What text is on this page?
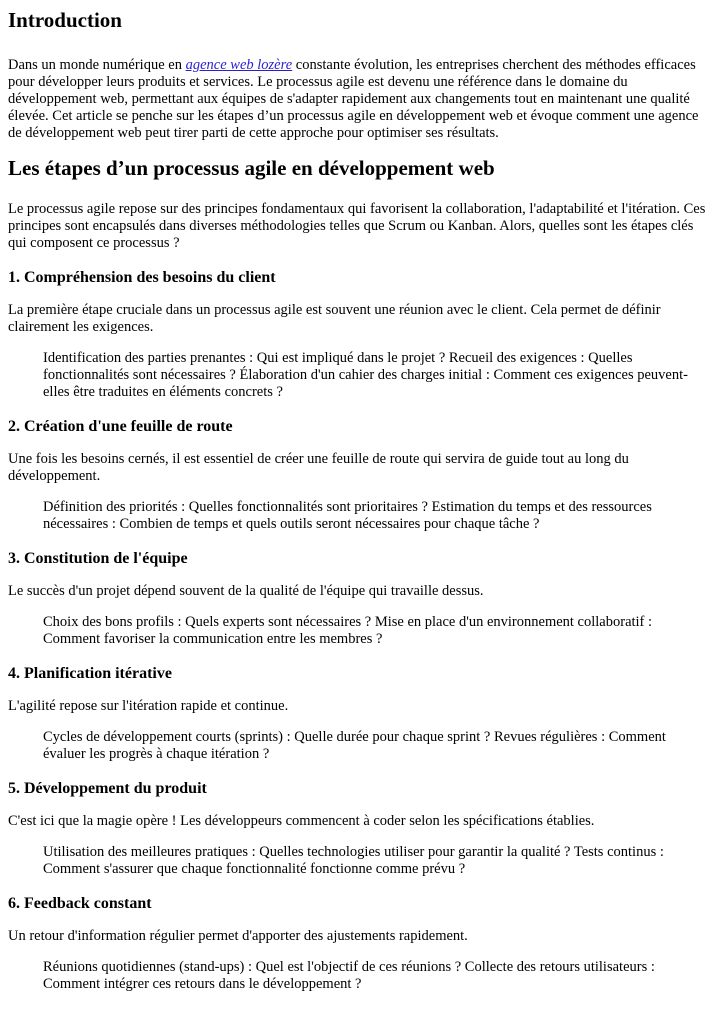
Introduction

Dans un monde numérique en agence web lozère constante évolution, les entreprises cherchent des méthodes efficaces pour développer leurs produits et services. Le processus agile est devenu une référence dans le domaine du développement web, permettant aux équipes de s'adapter rapidement aux changements tout en maintenant une qualité élevée. Cet article se penche sur les étapes d’un processus agile en développement web et évoque comment une agence de développement web peut tirer parti de cette approche pour optimiser ses résultats.

Les étapes d’un processus agile en développement web

Le processus agile repose sur des principes fondamentaux qui favorisent la collaboration, l'adaptabilité et l'itération. Ces principes sont encapsulés dans diverses méthodologies telles que Scrum ou Kanban. Alors, quelles sont les étapes clés qui composent ce processus ?

1. Compréhension des besoins du client

La première étape cruciale dans un processus agile est souvent une réunion avec le client. Cela permet de définir clairement les exigences.

Identification des parties prenantes : Qui est impliqué dans le projet ? Recueil des exigences : Quelles fonctionnalités sont nécessaires ? Élaboration d'un cahier des charges initial : Comment ces exigences peuvent-elles être traduites en éléments concrets ?
2. Création d'une feuille de route

Une fois les besoins cernés, il est essentiel de créer une feuille de route qui servira de guide tout au long du développement.

Définition des priorités : Quelles fonctionnalités sont prioritaires ? Estimation du temps et des ressources nécessaires : Combien de temps et quels outils seront nécessaires pour chaque tâche ?
3. Constitution de l'équipe

Le succès d'un projet dépend souvent de la qualité de l'équipe qui travaille dessus.

Choix des bons profils : Quels experts sont nécessaires ? Mise en place d'un environnement collaboratif : Comment favoriser la communication entre les membres ?
4. Planification itérative

L'agilité repose sur l'itération rapide et continue.

Cycles de développement courts (sprints) : Quelle durée pour chaque sprint ? Revues régulières : Comment évaluer les progrès à chaque itération ?
5. Développement du produit

C'est ici que la magie opère ! Les développeurs commencent à coder selon les spécifications établies.

Utilisation des meilleures pratiques : Quelles technologies utiliser pour garantir la qualité ? Tests continus : Comment s'assurer que chaque fonctionnalité fonctionne comme prévu ?
6. Feedback constant

Un retour d'information régulier permet d'apporter des ajustements rapidement.

Réunions quotidiennes (stand-ups) : Quel est l'objectif de ces réunions ? Collecte des retours utilisateurs : Comment intégrer ces retours dans le développement ?
